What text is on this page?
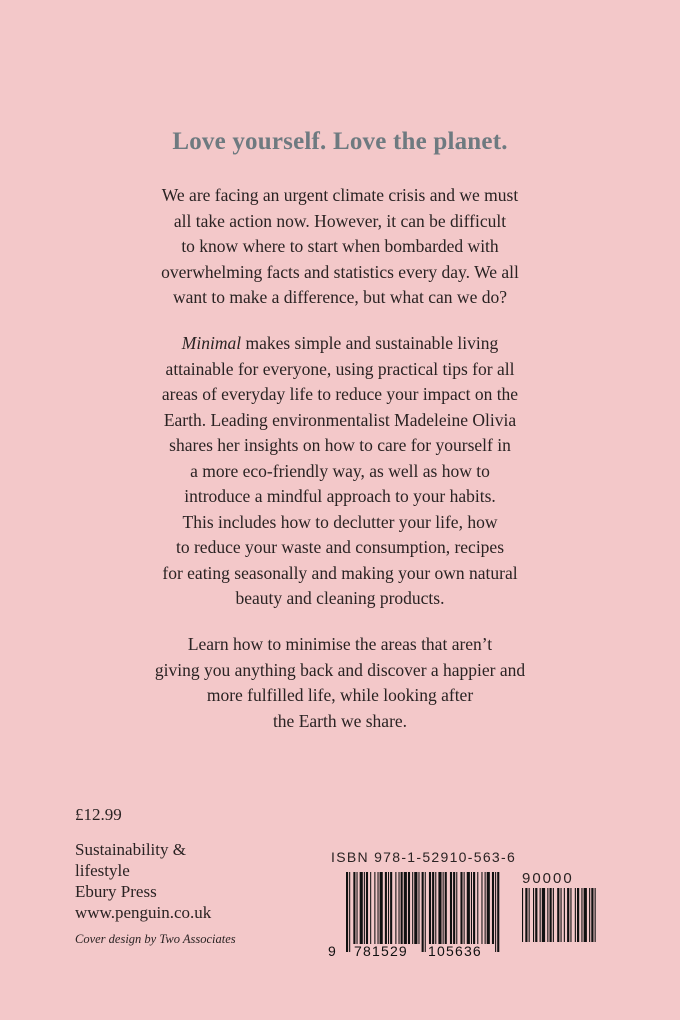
Love yourself. Love the planet.

We are facing an urgent climate crisis and we must
all take action now. However, it can be difficult
to know where to start when bombarded with
overwhelming facts and statistics every day. We all
want to make a difference, but what can we do?

Minimal makes simple and sustainable living
attainable for everyone, using practical tips for all
areas of everyday life to reduce your impact on the
Earth. Leading environmentalist Madeleine Olivia
shares her insights on how to care for yourself in
a more eco-friendly way, as well as how to
introduce a mindful approach to your habits.
This includes how to declutter your life, how
to reduce your waste and consumption, recipes
for eating seasonally and making your own natural
beauty and cleaning products.

Learn how to minimise the areas that aren’t
giving you anything back and discover a happier and
more fulfilled life, while looking after
the Earth we share.

£12.99
Sustainability &
lifestyle
Ebury Press
www.penguin.co.uk
Cover design by Two Associates
ISBN 978-1-52910-563-6
9 781529 105636
90000
